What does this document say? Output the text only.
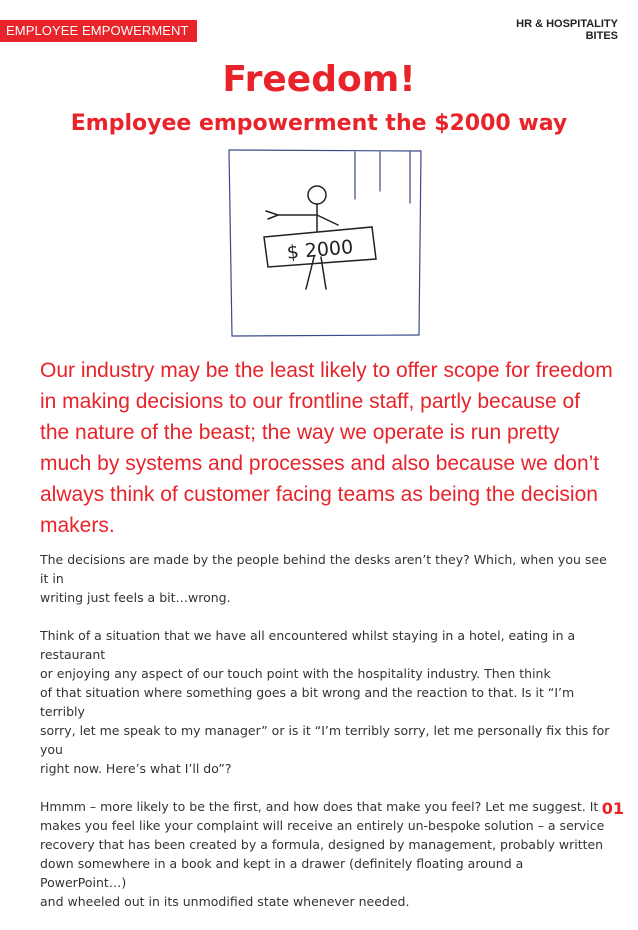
EMPLOYEE EMPOWERMENT	HR & HOSPITALITY
BITES
Freedom!
Employee empowerment the $2000 way
$ 2000

Our industry may be the least likely to offer scope for freedom in making decisions to our frontline staff, partly because of the nature of the beast; the way we operate is run pretty much by systems and processes and also because we don’t always think of customer facing teams as being the decision makers.

The decisions are made by the people behind the desks aren’t they? Which, when you see it in
writing just feels a bit…wrong.

Think of a situation that we have all encountered whilst staying in a hotel, eating in a restaurant
or enjoying any aspect of our touch point with the hospitality industry. Then think
of that situation where something goes a bit wrong and the reaction to that. Is it “I’m terribly
sorry, let me speak to my manager” or is it “I’m terribly sorry, let me personally fix this for you
right now. Here’s what I’ll do”?

Hmmm – more likely to be the first, and how does that make you feel? Let me suggest. It
makes you feel like your complaint will receive an entirely un-bespoke solution – a service
recovery that has been created by a formula, designed by management, probably written
down somewhere in a book and kept in a drawer (definitely floating around a PowerPoint…)
and wheeled out in its unmodified state whenever needed.

01
